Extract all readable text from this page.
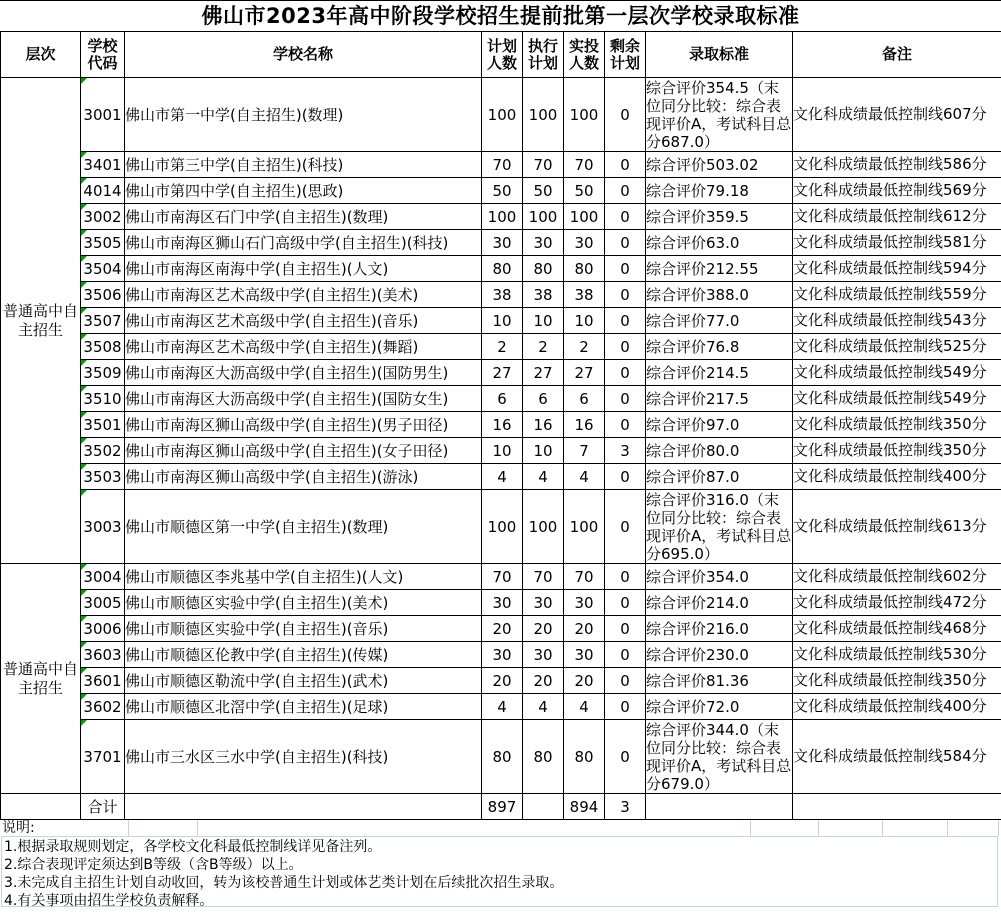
佛山市2023年高中阶段学校招生提前批第一层次学校录取标准
层次	学校代码	学校名称	计划人数	执行计划	实投人数	剩余计划	录取标准	备注
普通高中自主招生	3001	佛山市第一中学(自主招生)(数理)	100	100	100	0	综合评价354.5（末位同分比较：综合表现评价A，考试科目总分687.0）	文化科成绩最低控制线607分
	3401	佛山市第三中学(自主招生)(科技)	70	70	70	0	综合评价503.02	文化科成绩最低控制线586分
	4014	佛山市第四中学(自主招生)(思政)	50	50	50	0	综合评价79.18	文化科成绩最低控制线569分
	3002	佛山市南海区石门中学(自主招生)(数理)	100	100	100	0	综合评价359.5	文化科成绩最低控制线612分
	3505	佛山市南海区狮山石门高级中学(自主招生)(科技)	30	30	30	0	综合评价63.0	文化科成绩最低控制线581分
	3504	佛山市南海区南海中学(自主招生)(人文)	80	80	80	0	综合评价212.55	文化科成绩最低控制线594分
	3506	佛山市南海区艺术高级中学(自主招生)(美术)	38	38	38	0	综合评价388.0	文化科成绩最低控制线559分
	3507	佛山市南海区艺术高级中学(自主招生)(音乐)	10	10	10	0	综合评价77.0	文化科成绩最低控制线543分
	3508	佛山市南海区艺术高级中学(自主招生)(舞蹈)	2	2	2	0	综合评价76.8	文化科成绩最低控制线525分
	3509	佛山市南海区大沥高级中学(自主招生)(国防男生)	27	27	27	0	综合评价214.5	文化科成绩最低控制线549分
	3510	佛山市南海区大沥高级中学(自主招生)(国防女生)	6	6	6	0	综合评价217.5	文化科成绩最低控制线549分
	3501	佛山市南海区狮山高级中学(自主招生)(男子田径)	16	16	16	0	综合评价97.0	文化科成绩最低控制线350分
	3502	佛山市南海区狮山高级中学(自主招生)(女子田径)	10	10	7	3	综合评价80.0	文化科成绩最低控制线350分
	3503	佛山市南海区狮山高级中学(自主招生)(游泳)	4	4	4	0	综合评价87.0	文化科成绩最低控制线400分
	3003	佛山市顺德区第一中学(自主招生)(数理)	100	100	100	0	综合评价316.0（末位同分比较：综合表现评价A，考试科目总分695.0）	文化科成绩最低控制线613分
普通高中自主招生	3004	佛山市顺德区李兆基中学(自主招生)(人文)	70	70	70	0	综合评价354.0	文化科成绩最低控制线602分
	3005	佛山市顺德区实验中学(自主招生)(美术)	30	30	30	0	综合评价214.0	文化科成绩最低控制线472分
	3006	佛山市顺德区实验中学(自主招生)(音乐)	20	20	20	0	综合评价216.0	文化科成绩最低控制线468分
	3603	佛山市顺德区伦教中学(自主招生)(传媒)	30	30	30	0	综合评价230.0	文化科成绩最低控制线530分
	3601	佛山市顺德区勒流中学(自主招生)(武术)	20	20	20	0	综合评价81.36	文化科成绩最低控制线350分
	3602	佛山市顺德区北滘中学(自主招生)(足球)	4	4	4	0	综合评价72.0	文化科成绩最低控制线400分
	3701	佛山市三水区三水中学(自主招生)(科技)	80	80	80	0	综合评价344.0（末位同分比较：综合表现评价A，考试科目总分679.0）	文化科成绩最低控制线584分
	合计		897		894	3		
说明:
1.根据录取规则划定，各学校文化科最低控制线详见备注列。
2.综合表现评定须达到B等级（含B等级）以上。
3.未完成自主招生计划自动收回，转为该校普通生计划或体艺类计划在后续批次招生录取。
4.有关事项由招生学校负责解释。
